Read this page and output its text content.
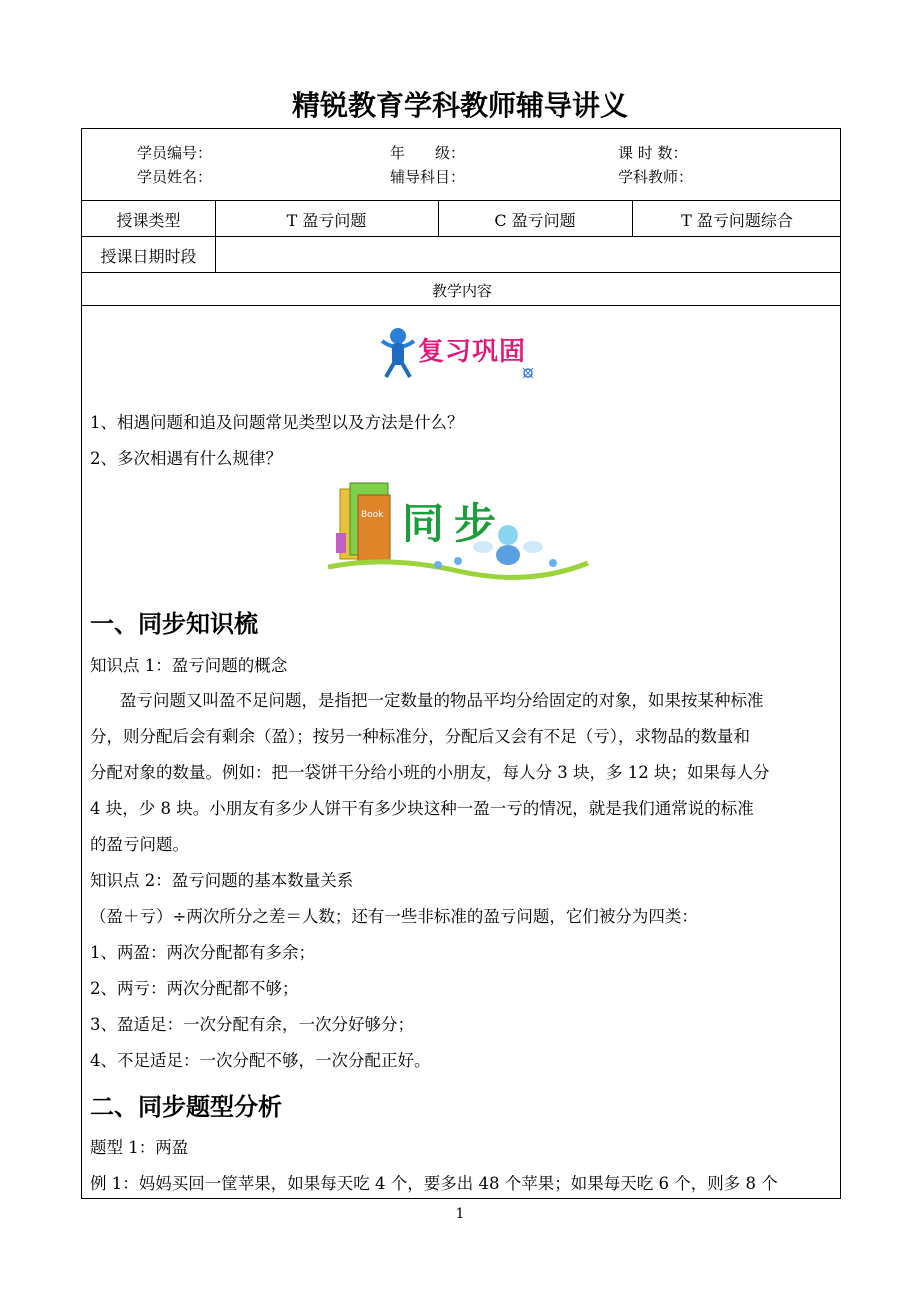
精锐教育学科教师辅导讲义
学员编号：	年　　级：	课 时 数：
学员姓名：	辅导科目：	学科教师：
授课类型	T 盈亏问题	C 盈亏问题	T 盈亏问题综合
授课日期时段
教学内容
复习巩固
1、相遇问题和追及问题常见类型以及方法是什么？
2、多次相遇有什么规律？
Book 同步
一、同步知识梳
知识点 1：盈亏问题的概念
盈亏问题又叫盈不足问题，是指把一定数量的物品平均分给固定的对象，如果按某种标准
分，则分配后会有剩余（盈）；按另一种标准分，分配后又会有不足（亏），求物品的数量和
分配对象的数量。例如：把一袋饼干分给小班的小朋友，每人分 3 块，多 12 块；如果每人分
4 块，少 8 块。小朋友有多少人饼干有多少块这种一盈一亏的情况，就是我们通常说的标准
的盈亏问题。
知识点 2：盈亏问题的基本数量关系
（盈＋亏）÷两次所分之差＝人数；还有一些非标准的盈亏问题，它们被分为四类：
1、两盈：两次分配都有多余；
2、两亏：两次分配都不够；
3、盈适足：一次分配有余，一次分好够分；
4、不足适足：一次分配不够，一次分配正好。
二、同步题型分析
题型 1：两盈
例 1：妈妈买回一筐苹果，如果每天吃 4 个，要多出 48 个苹果；如果每天吃 6 个，则多 8 个
1
